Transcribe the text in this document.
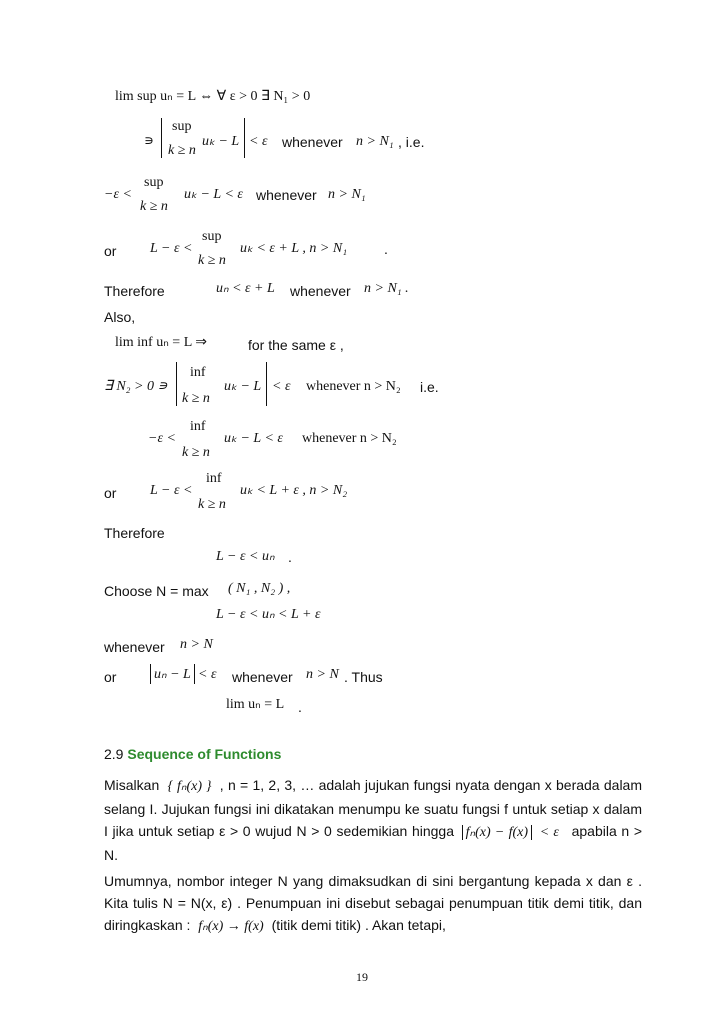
lim sup uₙ = L ⇔ ∀ ε > 0 ∃ N₁ > 0
sup
∍
k ≥ n
uₖ − L < ε whenever n > N₁ , i.e.
sup
−ε <
k ≥ n
uₖ − L < ε whenever n > N₁
sup
or L − ε <
k ≥ n
uₖ < ε + L , n > N₁	.
Therefore	uₙ < ε + L whenever n > N₁ .
Also,
lim inf uₙ = L ⇒	for the same ε ,
inf
∃ N₂ > 0 ∍
k ≥ n
uₖ − L < ε whenever n > N₂ i.e.
inf
−ε <
k ≥ n
uₖ − L < ε whenever n > N₂
inf
or L − ε <
k ≥ n
uₖ < L + ε , n > N₂
Therefore
L − ε < uₙ .
Choose N = max ( N₁ , N₂ ) ,
L − ε < uₙ < L + ε
whenever n > N
or	uₙ − L < ε whenever n > N . Thus
lim uₙ = L .
2.9 Sequence of Functions
Misalkan { fₙ(x) } , n = 1, 2, 3, … adalah jujukan fungsi nyata dengan x berada dalam selang I. Jujukan fungsi ini dikatakan menumpu ke suatu fungsi f untuk setiap x dalam I jika untuk setiap ε > 0 wujud N > 0 sedemikian hingga fₙ(x) − f(x) < ε apabila n > N.
Umumnya, nombor integer N yang dimaksudkan di sini bergantung kepada x dan ε . Kita tulis N = N(x, ε) . Penumpuan ini disebut sebagai penumpuan titik demi titik, dan diringkaskan : fₙ(x) → f(x) (titik demi titik) . Akan tetapi,
19
